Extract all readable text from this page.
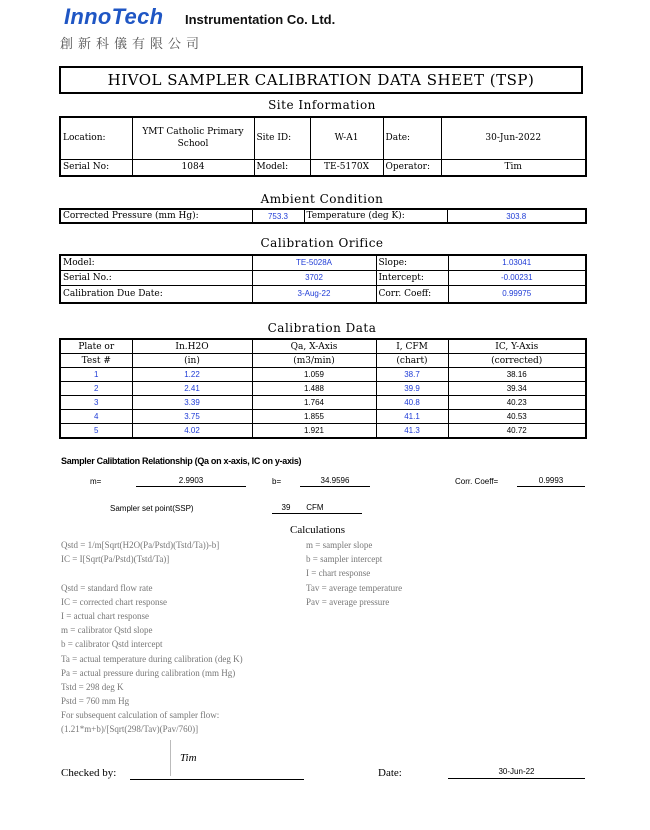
InnoTech Instrumentation Co. Ltd.
創新科儀有限公司
HIVOL SAMPLER CALIBRATION DATA SHEET (TSP)
Site Information
Location:	YMT Catholic Primary School	Site ID:	W-A1	Date:	30-Jun-2022
Serial No:	1084	Model:	TE-5170X	Operator:	Tim
Ambient Condition
Corrected Pressure (mm Hg):	753.3	Temperature (deg K):	303.8
Calibration Orifice
Model:	TE-5028A	Slope:	1.03041
Serial No.:	3702	Intercept:	-0.00231
Calibration Due Date:	3-Aug-22	Corr. Coeff:	0.99975
Calibration Data
Plate or	In.H2O	Qa, X-Axis	I, CFM	IC, Y-Axis
Test #	(in)	(m3/min)	(chart)	(corrected)
1	1.22	1.059	38.7	38.16
2	2.41	1.488	39.9	39.34
3	3.39	1.764	40.8	40.23
4	3.75	1.855	41.1	40.53
5	4.02	1.921	41.3	40.72
Sampler Calibtation Relationship (Qa on x-axis, IC on y-axis)
m=	2.9903	b=	34.9596	Corr. Coeff=	0.9993
Sampler set point(SSP)	39 CFM
Calculations
Qstd = 1/m[Sqrt(H2O(Pa/Pstd)(Tstd/Ta))-b]
IC = I[Sqrt(Pa/Pstd)(Tstd/Ta)]
Qstd = standard flow rate
IC = corrected chart response
I = actual chart response
m = calibrator Qstd slope
b = calibrator Qstd intercept
Ta = actual temperature during calibration (deg K)
Pa = actual pressure during calibration (mm Hg)
Tstd = 298 deg K
Pstd = 760 mm Hg
For subsequent calculation of sampler flow:
(1.21*m+b)/[Sqrt(298/Tav)(Pav/760)]
m = sampler slope
b = sampler intercept
I = chart response
Tav = average temperature
Pav = average pressure
Tim
Checked by:	Date:	30-Jun-22
